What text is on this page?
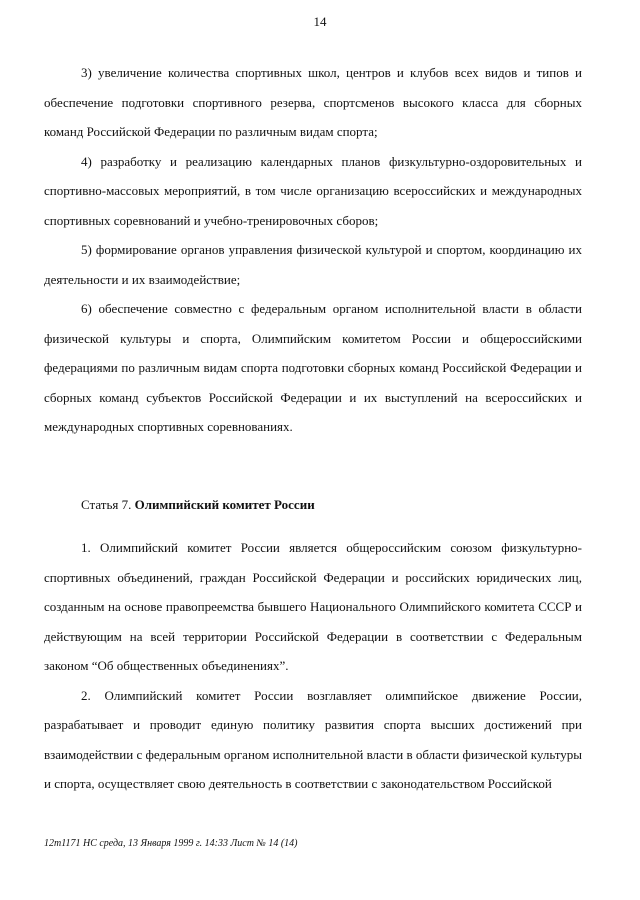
14

3) увеличение количества спортивных школ, центров и клубов всех видов и типов и обеспечение подготовки спортивного резерва, спортсменов высокого класса для сборных команд Российской Федерации по различным видам спорта;

4) разработку и реализацию календарных планов физкультурно-оздоровительных и спортивно-массовых мероприятий, в том числе организацию всероссийских и международных спортивных соревнований и учебно-тренировочных сборов;

5) формирование органов управления физической культурой и спортом, координацию их деятельности и их взаимодействие;

6) обеспечение совместно с федеральным органом исполнительной власти в области физической культуры и спорта, Олимпийским комитетом России и общероссийскими федерациями по различным видам спорта подготовки сборных команд Российской Федерации и сборных команд субъектов Российской Федерации и их выступлений на всероссийских и международных спортивных соревнованиях.

Статья 7. Олимпийский комитет России

1. Олимпийский комитет России является общероссийским союзом физкультурно-спортивных объединений, граждан Российской Федерации и российских юридических лиц, созданным на основе правопреемства бывшего Национального Олимпийского комитета СССР и действующим на всей территории Российской Федерации в соответствии с Федеральным законом “Об общественных объединениях”.

2. Олимпийский комитет России возглавляет олимпийское движение России, разрабатывает и проводит единую политику развития спорта высших достижений при взаимодействии с федеральным органом исполнительной власти в области физической культуры и спорта, осуществляет свою деятельность в соответствии с законодательством Российской

12m1171 НС среда, 13 Января 1999 г. 14:33 Лист № 14 (14)
